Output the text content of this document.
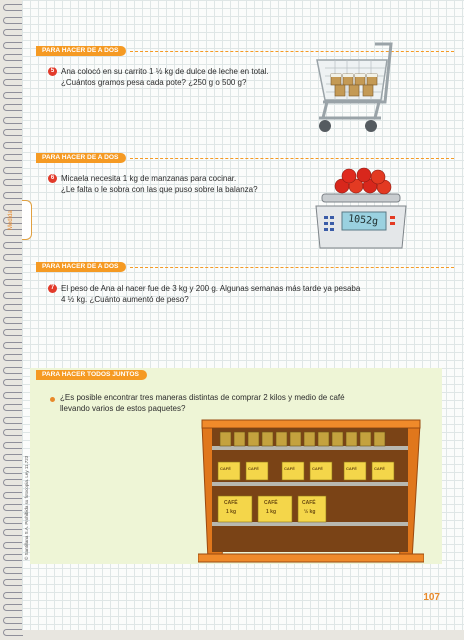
Medida
© Santillana S.A. Prohibida su fotocopia. Ley 11.723
PARA HACER DE A DOS
5 Ana colocó en su carrito 1 ½ kg de dulce de leche en total.
¿Cuántos gramos pesa cada pote? ¿250 g o 500 g?
PARA HACER DE A DOS
6 Micaela necesita 1 kg de manzanas para cocinar.
¿Le falta o le sobra con las que puso sobre la balanza?
1052g
PARA HACER DE A DOS
7 El peso de Ana al nacer fue de 3 kg y 200 g. Algunas semanas más tarde ya pesaba
4 ½ kg. ¿Cuánto aumentó de peso?
PARA HACER TODOS JUNTOS
¿Es posible encontrar tres maneras distintas de comprar 2 kilos y medio de café
llevando varios de estos paquetes?
CAFÉ	CAFÉ	CAFÉ	CAFÉ	CAFÉ	CAFÉ
CAFÉ
1 kg
CAFÉ
1 kg
CAFÉ
½ kg
107
